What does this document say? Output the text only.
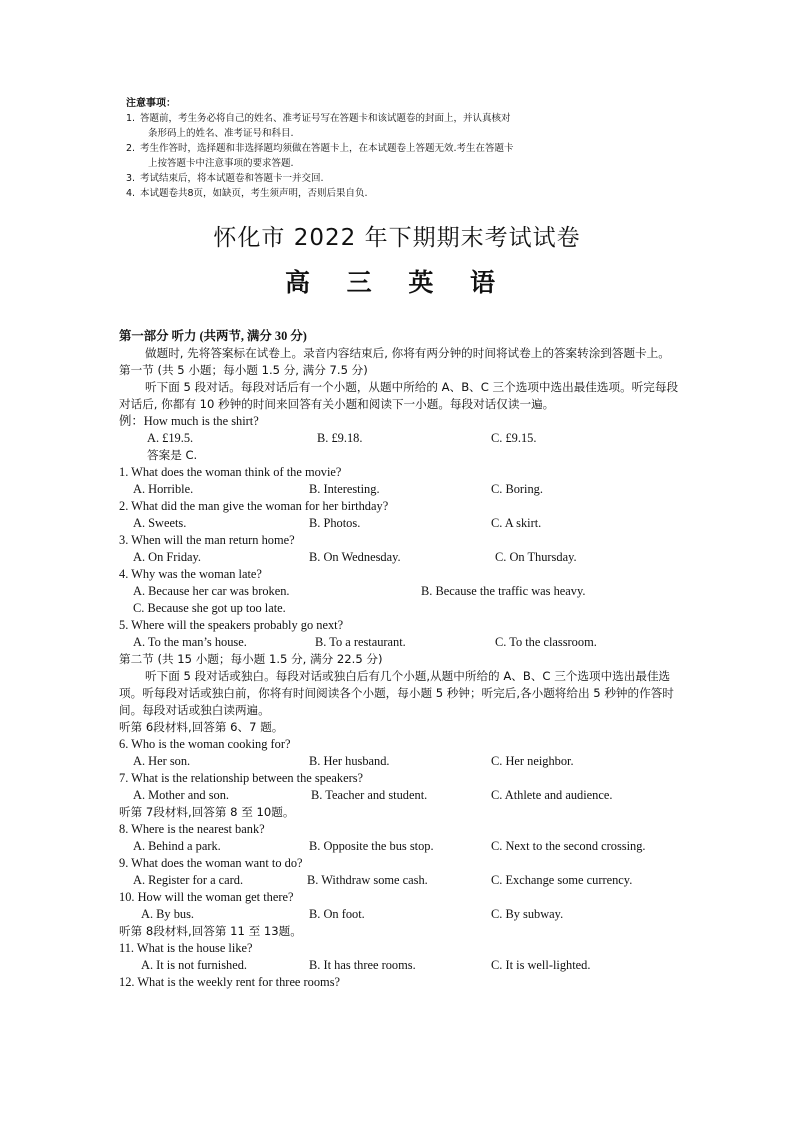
注意事项：
1. 答题前，考生务必将自己的姓名、准考证号写在答题卡和该试题卷的封面上，并认真核对
条形码上的姓名、准考证号和科目.
2. 考生作答时，选择题和非选择题均须做在答题卡上，在本试题卷上答题无效.考生在答题卡
上按答题卡中注意事项的要求答题.
3. 考试结束后，将本试题卷和答题卡一并交回.
4. 本试题卷共8页，如缺页，考生须声明，否则后果自负.
怀化市 2022 年下期期末考试试卷
高 三 英 语
第一部分 听力 (共两节, 满分 30 分)
做题时, 先将答案标在试卷上。录音内容结束后, 你将有两分钟的时间将试卷上的答案转涂到答题卡上。
第一节 (共 5 小题；每小题 1.5 分, 满分 7.5 分)
听下面 5 段对话。每段对话后有一个小题，从题中所给的 A、B、C 三个选项中选出最佳选项。听完每段对话后, 你都有 10 秒钟的时间来回答有关小题和阅读下一小题。每段对话仅读一遍。
例：How much is the shirt?
A. £19.5.	B. £9.18.	C. £9.15.
答案是 C.
1. What does the woman think of the movie?
A. Horrible.	B. Interesting.	C. Boring.
2. What did the man give the woman for her birthday?
A. Sweets.	B. Photos.	C. A skirt.
3. When will the man return home?
A. On Friday.	B. On Wednesday.	C. On Thursday.
4. Why was the woman late?
A. Because her car was broken.	B. Because the traffic was heavy.
C. Because she got up too late.
5. Where will the speakers probably go next?
A. To the man’s house.	B. To a restaurant.	C. To the classroom.
第二节 (共 15 小题；每小题 1.5 分, 满分 22.5 分)
听下面 5 段对话或独白。每段对话或独白后有几个小题,从题中所给的 A、B、C 三个选项中选出最佳选项。听每段对话或独白前，你将有时间阅读各个小题，每小题 5 秒钟；听完后,各小题将给出 5 秒钟的作答时间。每段对话或独白读两遍。
听第 6段材料,回答第 6、7 题。
6. Who is the woman cooking for?
A. Her son.	B. Her husband.	C. Her neighbor.
7. What is the relationship between the speakers?
A. Mother and son.	B. Teacher and student.	C. Athlete and audience.
听第 7段材料,回答第 8 至 10题。
8. Where is the nearest bank?
A. Behind a park.	B. Opposite the bus stop.	C. Next to the second crossing.
9. What does the woman want to do?
A. Register for a card.	B. Withdraw some cash.	C. Exchange some currency.
10. How will the woman get there?
A. By bus.	B. On foot.	C. By subway.
听第 8段材料,回答第 11 至 13题。
11. What is the house like?
A. It is not furnished.	B. It has three rooms.	C. It is well-lighted.
12. What is the weekly rent for three rooms?
